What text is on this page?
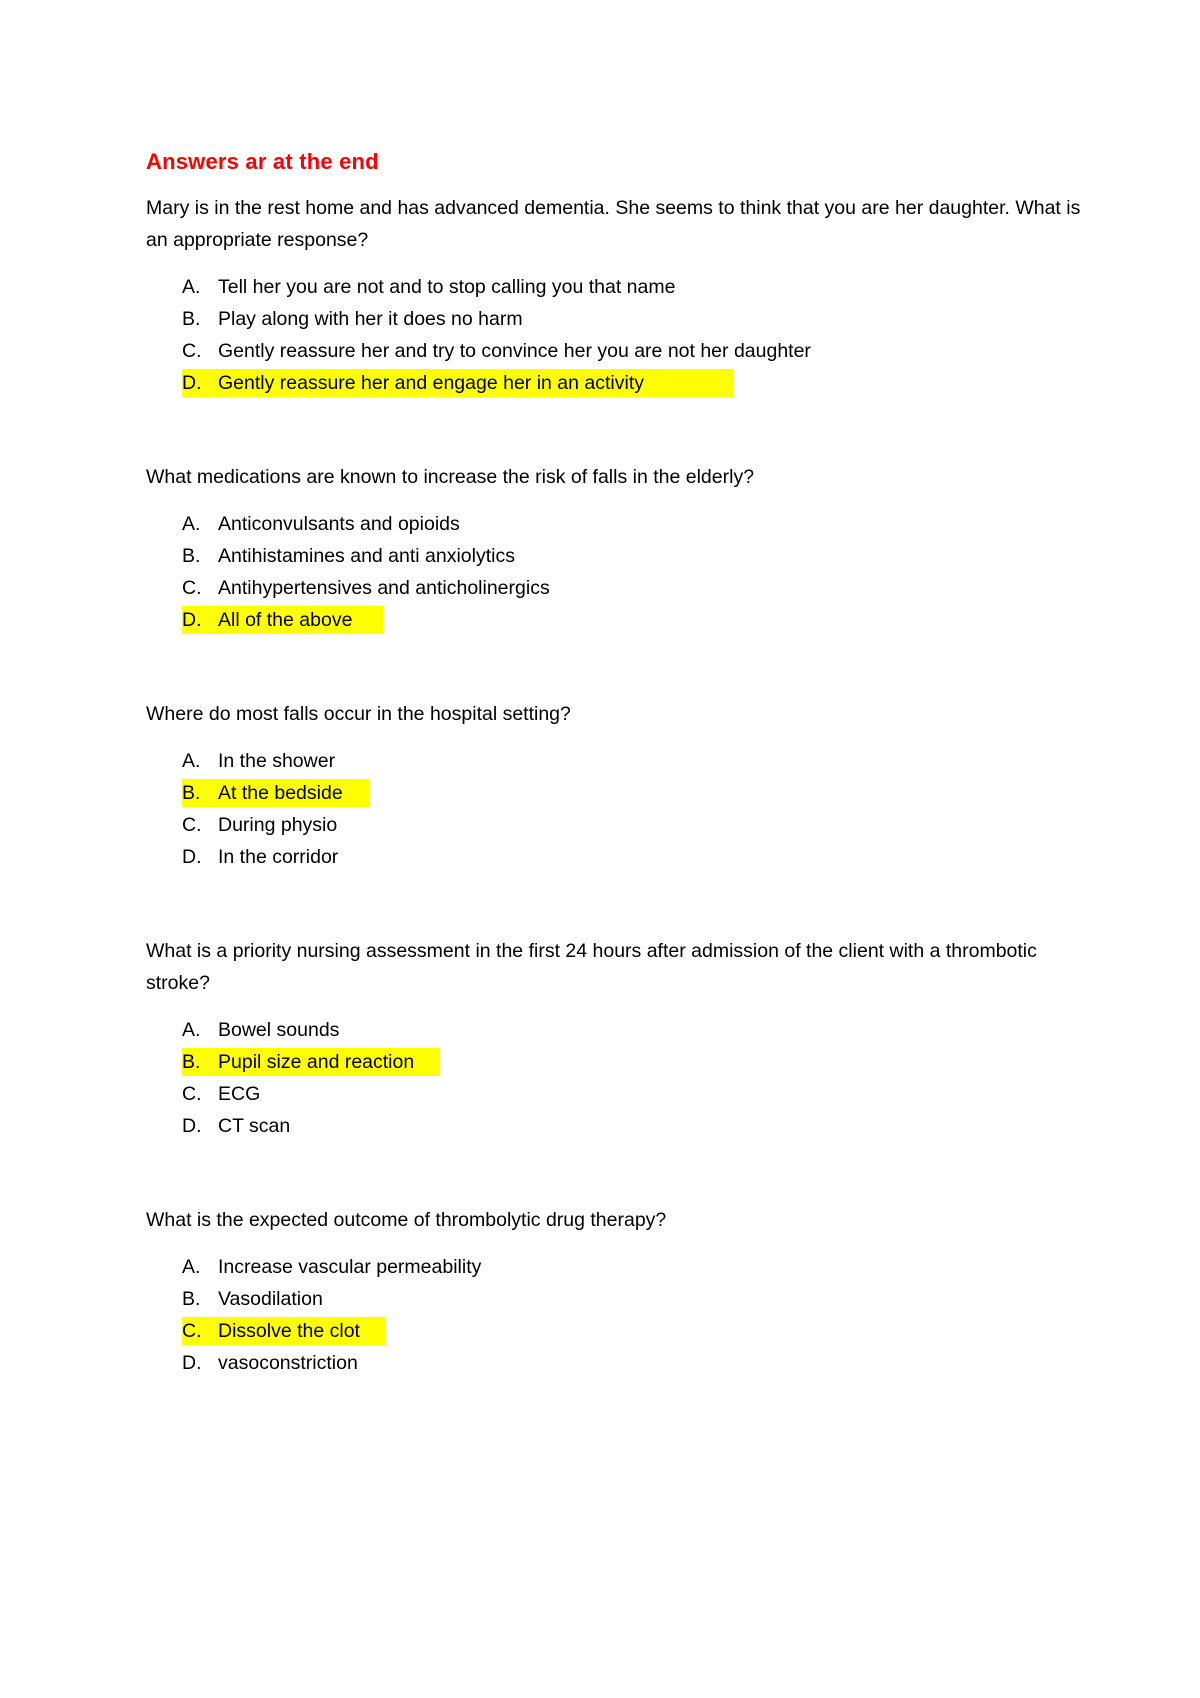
Answers ar at the end
Mary is in the rest home and has advanced dementia. She seems to think that you are her daughter. What is an appropriate response?
A. Tell her you are not and to stop calling you that name
B. Play along with her it does no harm
C. Gently reassure her and try to convince her you are not her daughter
D. Gently reassure her and engage her in an activity
What medications are known to increase the risk of falls in the elderly?
A. Anticonvulsants and opioids
B. Antihistamines and anti anxiolytics
C. Antihypertensives and anticholinergics
D. All of the above
Where do most falls occur in the hospital setting?
A. In the shower
B. At the bedside
C. During physio
D. In the corridor
What is a priority nursing assessment in the first 24 hours after admission of the client with a thrombotic stroke?
A. Bowel sounds
B. Pupil size and reaction
C. ECG
D. CT scan
What is the expected outcome of thrombolytic drug therapy?
A. Increase vascular permeability
B. Vasodilation
C. Dissolve the clot
D. vasoconstriction
